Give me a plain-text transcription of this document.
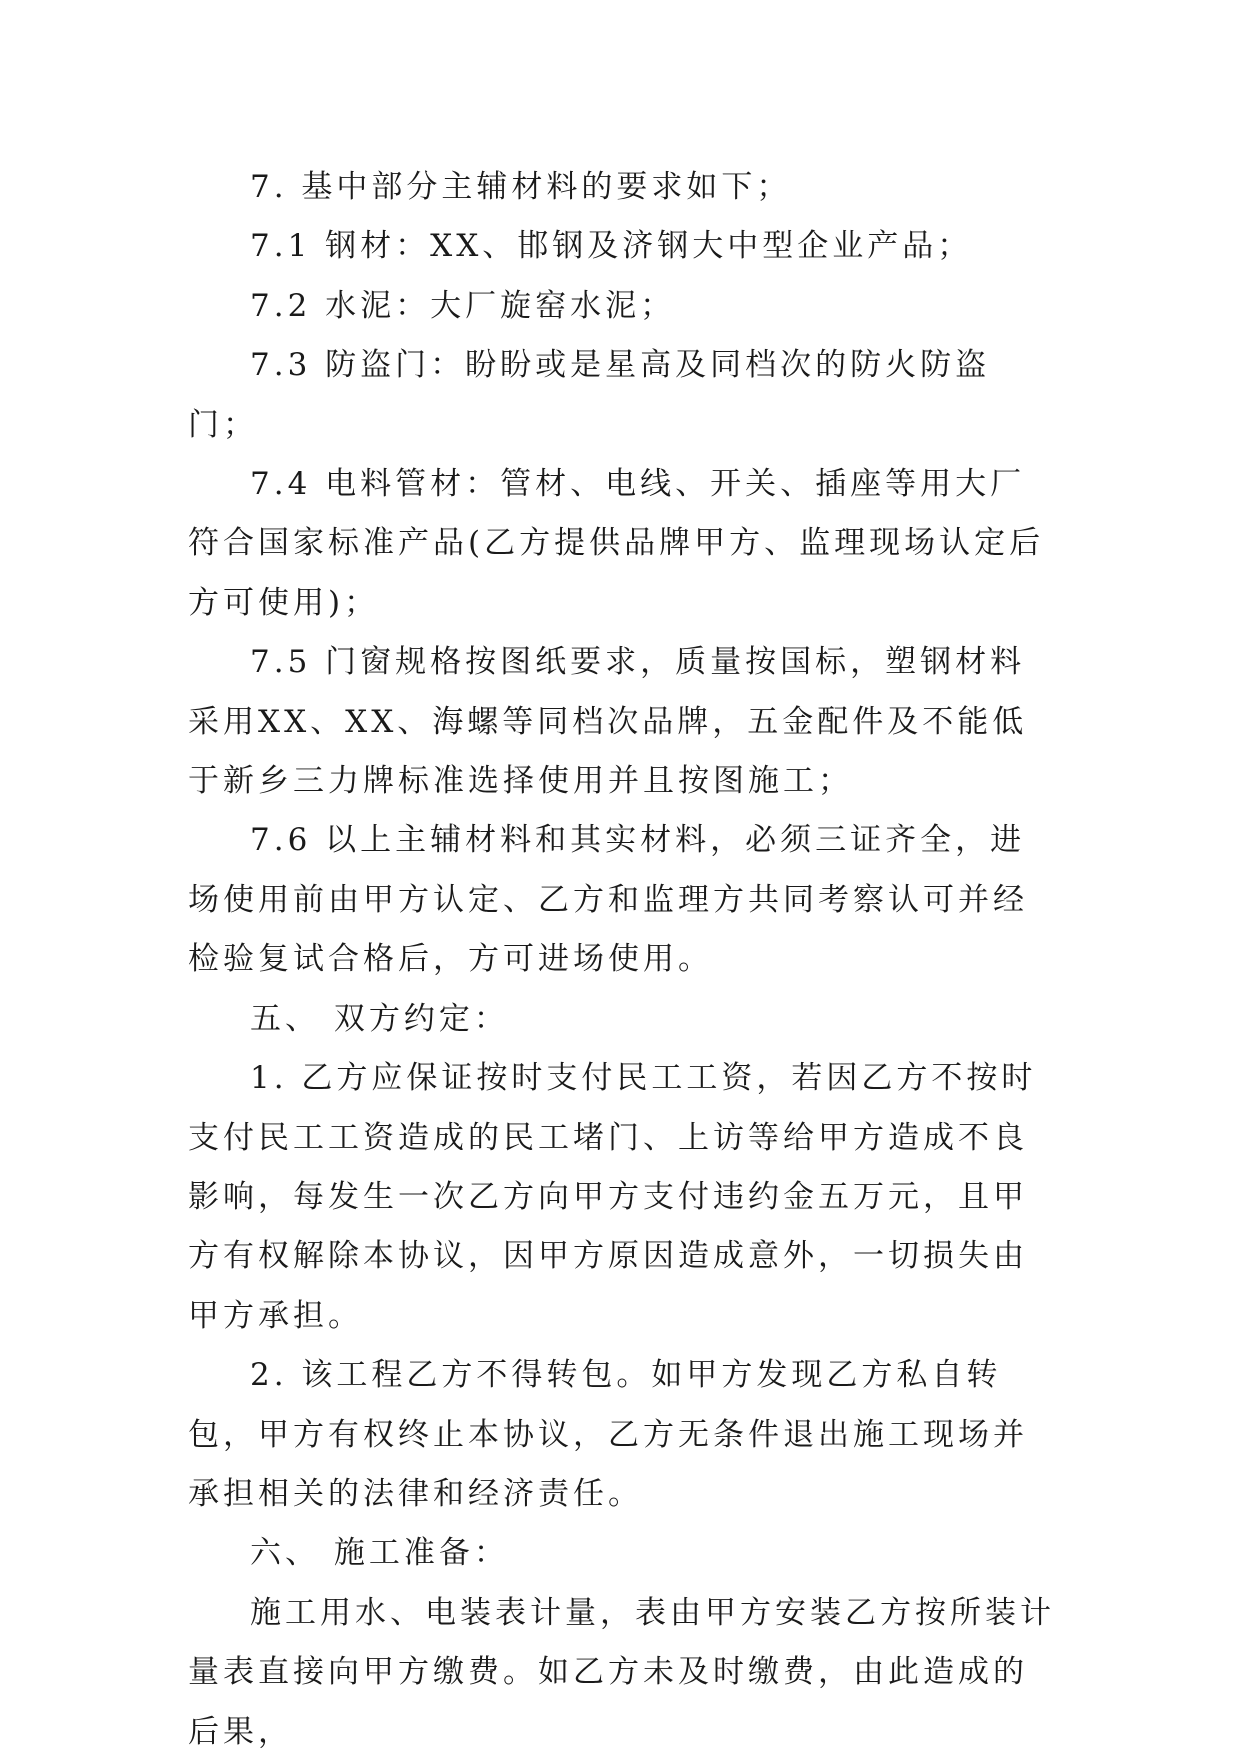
7. 基中部分主辅材料的要求如下；

7.1 钢材：XX、邯钢及济钢大中型企业产品；

7.2 水泥：大厂旋窑水泥；

7.3 防盗门：盼盼或是星高及同档次的防火防盗门；

7.4 电料管材：管材、电线、开关、插座等用大厂符合国家标准产品(乙方提供品牌甲方、监理现场认定后方可使用)；

7.5 门窗规格按图纸要求，质量按国标，塑钢材料采用XX、XX、海螺等同档次品牌，五金配件及不能低于新乡三力牌标准选择使用并且按图施工；

7.6 以上主辅材料和其实材料，必须三证齐全，进场使用前由甲方认定、乙方和监理方共同考察认可并经检验复试合格后，方可进场使用。

五、 双方约定：

1. 乙方应保证按时支付民工工资，若因乙方不按时支付民工工资造成的民工堵门、上访等给甲方造成不良影响，每发生一次乙方向甲方支付违约金五万元，且甲方有权解除本协议，因甲方原因造成意外，一切损失由甲方承担。

2. 该工程乙方不得转包。如甲方发现乙方私自转包，甲方有权终止本协议，乙方无条件退出施工现场并承担相关的法律和经济责任。

六、 施工准备：

施工用水、电装表计量，表由甲方安装乙方按所装计量表直接向甲方缴费。如乙方未及时缴费，由此造成的后果，
